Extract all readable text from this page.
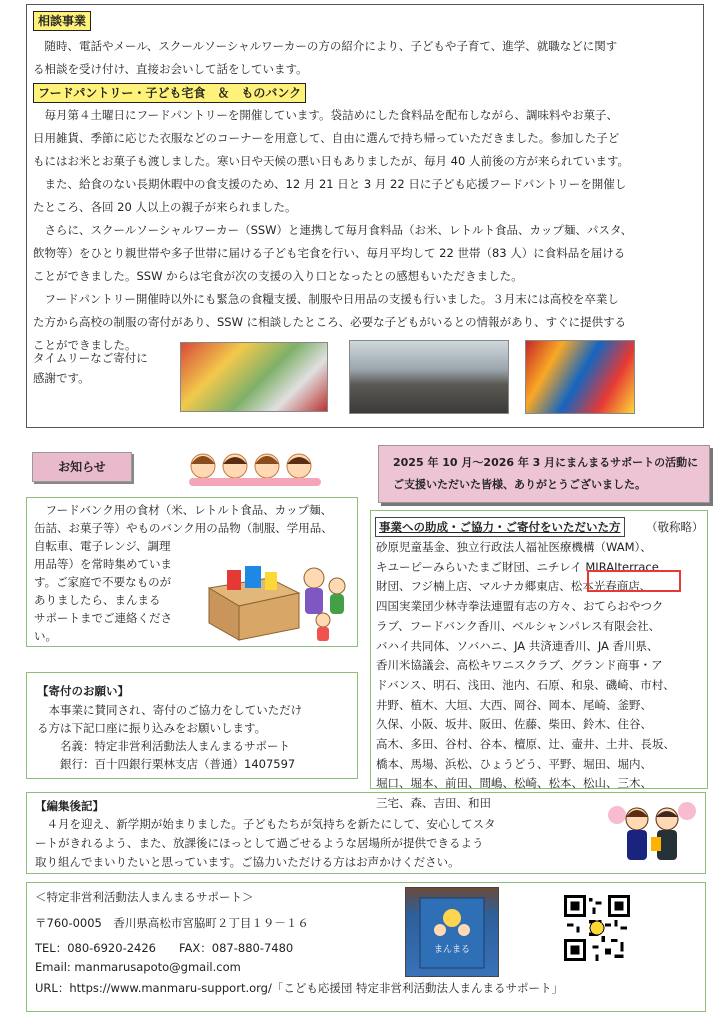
相談事業

随時、電話やメール、スクールソーシャルワーカーの方の紹介により、子どもや子育て、進学、就職などに関す

る相談を受け付け、直接お会いして話をしています。

フードパントリー・子ども宅食　＆　ものバンク

毎月第４土曜日にフードパントリーを開催しています。袋詰めにした食料品を配布しながら、調味料やお菓子、

日用雑貨、季節に応じた衣服などのコーナーを用意して、自由に選んで持ち帰っていただきました。参加した子ど

もにはお米とお菓子も渡しました。寒い日や天候の悪い日もありましたが、毎月 40 人前後の方が来られています。

また、給食のない長期休暇中の食支援のため、12 月 21 日と 3 月 22 日に子ども応援フードパントリーを開催し

たところ、各回 20 人以上の親子が来られました。

さらに、スクールソーシャルワーカー（SSW）と連携して毎月食料品（お米、レトルト食品、カップ麺、パスタ、

飲物等）をひとり親世帯や多子世帯に届ける子ども宅食を行い、毎月平均して 22 世帯（83 人）に食料品を届ける

ことができました。SSW からは宅食が次の支援の入り口となったとの感想もいただきました。

フードパントリー開催時以外にも緊急の食糧支援、制服や日用品の支援も行いました。３月末には高校を卒業し

た方から高校の制服の寄付があり、SSW に相談したところ、必要な子どもがいるとの情報があり、すぐに提供する

ことができました。

タイムリーなご寄付に

感謝です。

お知らせ	2025 年 10 月～2026 年 3 月にまんまるサポートの活動に
ご支援いただいた皆様、ありがとうございました。
フードバンク用の食材（米、レトルト食品、カップ麺、
缶詰、お菓子等）やものバンク用の品物（制服、学用品、
自転車、電子レンジ、調理
用品等）を常時集めていま
す。ご家庭で不要なものが
ありましたら、まんまる
サポートまでご連絡くださ
い。
【寄付のお願い】
本事業に賛同され、寄付のご協力をしていただけ
る方は下記口座に振り込みをお願いします。
名義：特定非営利活動法人まんまるサポート
銀行：百十四銀行栗林支店（普通）1407597
事業への助成・ご協力・ご寄付をいただいた方	（敬称略）
砂原児童基金、独立行政法人福祉医療機構（WAM）、
キユーピーみらいたまご財団、ニチレイ MIRAIterrace
財団、フジ楠上店、マルナカ郷東店、松本光春商店、
四国実業団少林寺拳法連盟有志の方々、おてらおやつク
ラブ、フードバンク香川、ベルシャンパレス有限会社、
バハイ共同体、ソバハニ、JA 共済連香川、JA 香川県、
香川米協議会、高松キワニスクラブ、グランド商事・ア
ドバンス、明石、浅田、池内、石原、和泉、磯崎、市村、
井野、植木、大垣、大西、岡谷、岡本、尾崎、釜野、
久保、小阪、坂井、阪田、佐藤、柴田、鈴木、住谷、
高木、多田、谷村、谷本、檀原、辻、壷井、土井、長坂、
橋本、馬場、浜松、ひょうどう、平野、堀田、堀内、
堀口、堀本、前田、間嶋、松崎、松本、松山、三木、
三宅、森、吉田、和田
【編集後記】
４月を迎え、新学期が始まりました。子どもたちが気持ちを新たにして、安心してスタ
ートがきれるよう、また、放課後にほっとして過ごせるような居場所が提供できるよう
取り組んでまいりたいと思っています。ご協力いただける方はお声かけください。
＜特定非営利活動法人まんまるサポート＞
〒760-0005　香川県高松市宮脇町２丁目１９－１６
TEL：080-6920-2426　　FAX：087-880-7480
Email: manmarusapoto@gmail.com
URL：https://www.manmaru-support.org/「こども応援団 特定非営利活動法人まんまるサポート」
まんまる
